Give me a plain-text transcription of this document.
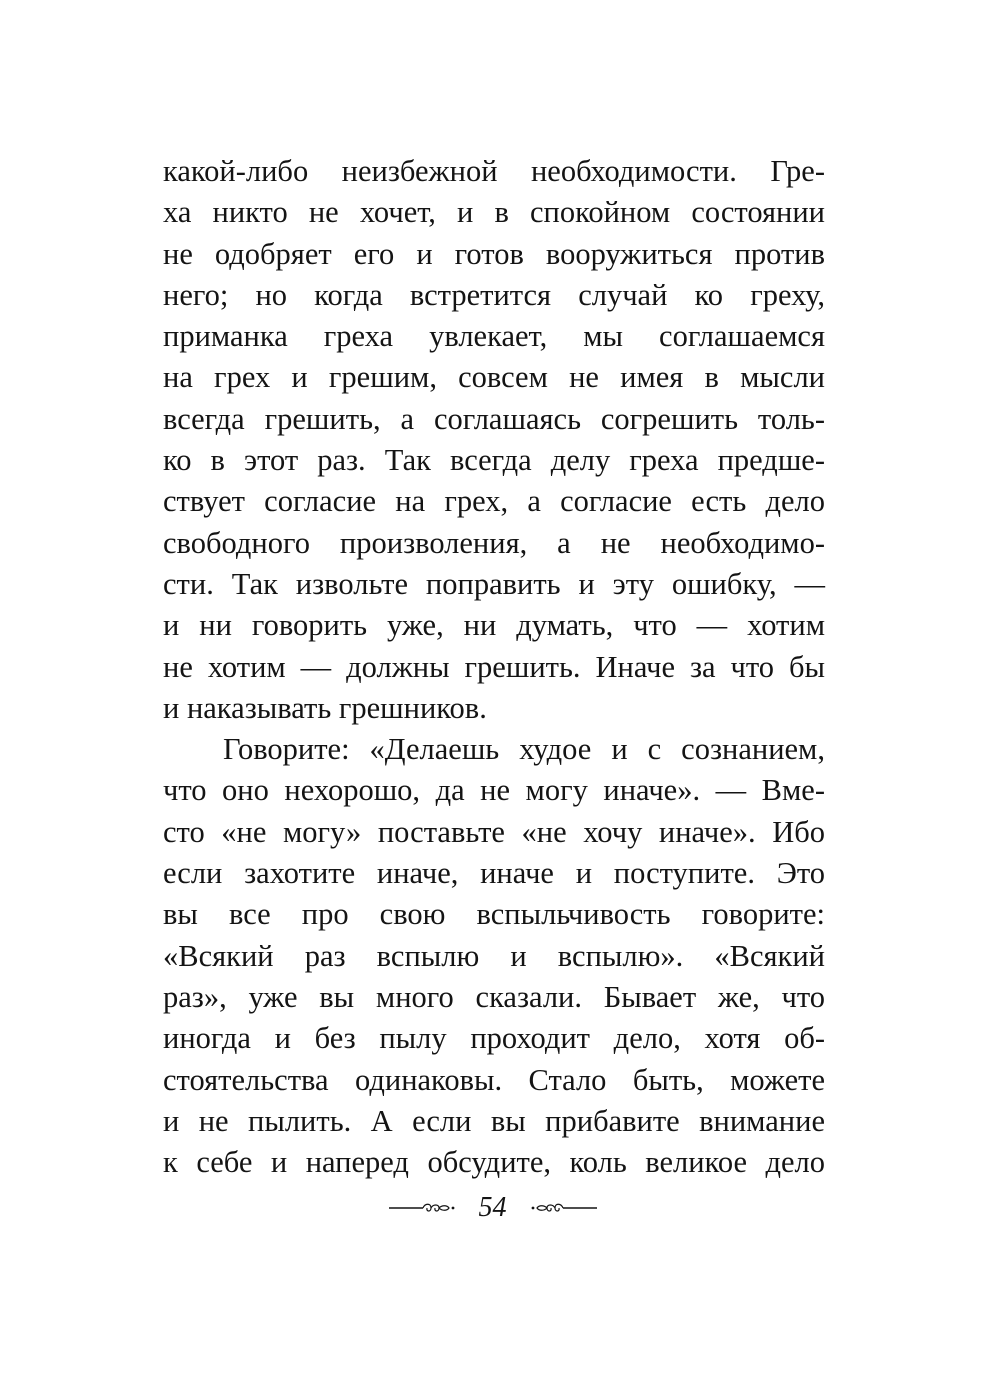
какой-либо неизбежной необходимости. Гре-
ха никто не хочет, и в спокойном состоянии
не одобряет его и готов вооружиться против
него; но когда встретится случай ко греху,
приманка греха увлекает, мы соглашаемся
на грех и грешим, совсем не имея в мысли
всегда грешить, а соглашаясь согрешить толь-
ко в этот раз. Так всегда делу греха предше-
ствует согласие на грех, а согласие есть дело
свободного произволения, а не необходимо-
сти. Так извольте поправить и эту ошибку, —
и ни говорить уже, ни думать, что — хотим
не хотим — должны грешить. Иначе за что бы
и наказывать грешников.
Говорите: «Делаешь худое и с сознанием,
что оно нехорошо, да не могу иначе». — Вме-
сто «не могу» поставьте «не хочу иначе». Ибо
если захотите иначе, иначе и поступите. Это
вы все про свою вспыльчивость говорите:
«Всякий раз вспылю и вспылю». «Всякий
раз», уже вы много сказали. Бывает же, что
иногда и без пылу проходит дело, хотя об-
стоятельства одинаковы. Стало быть, можете
и не пылить. А если вы прибавите внимание
к себе и наперед обсудите, коль великое дело
54
